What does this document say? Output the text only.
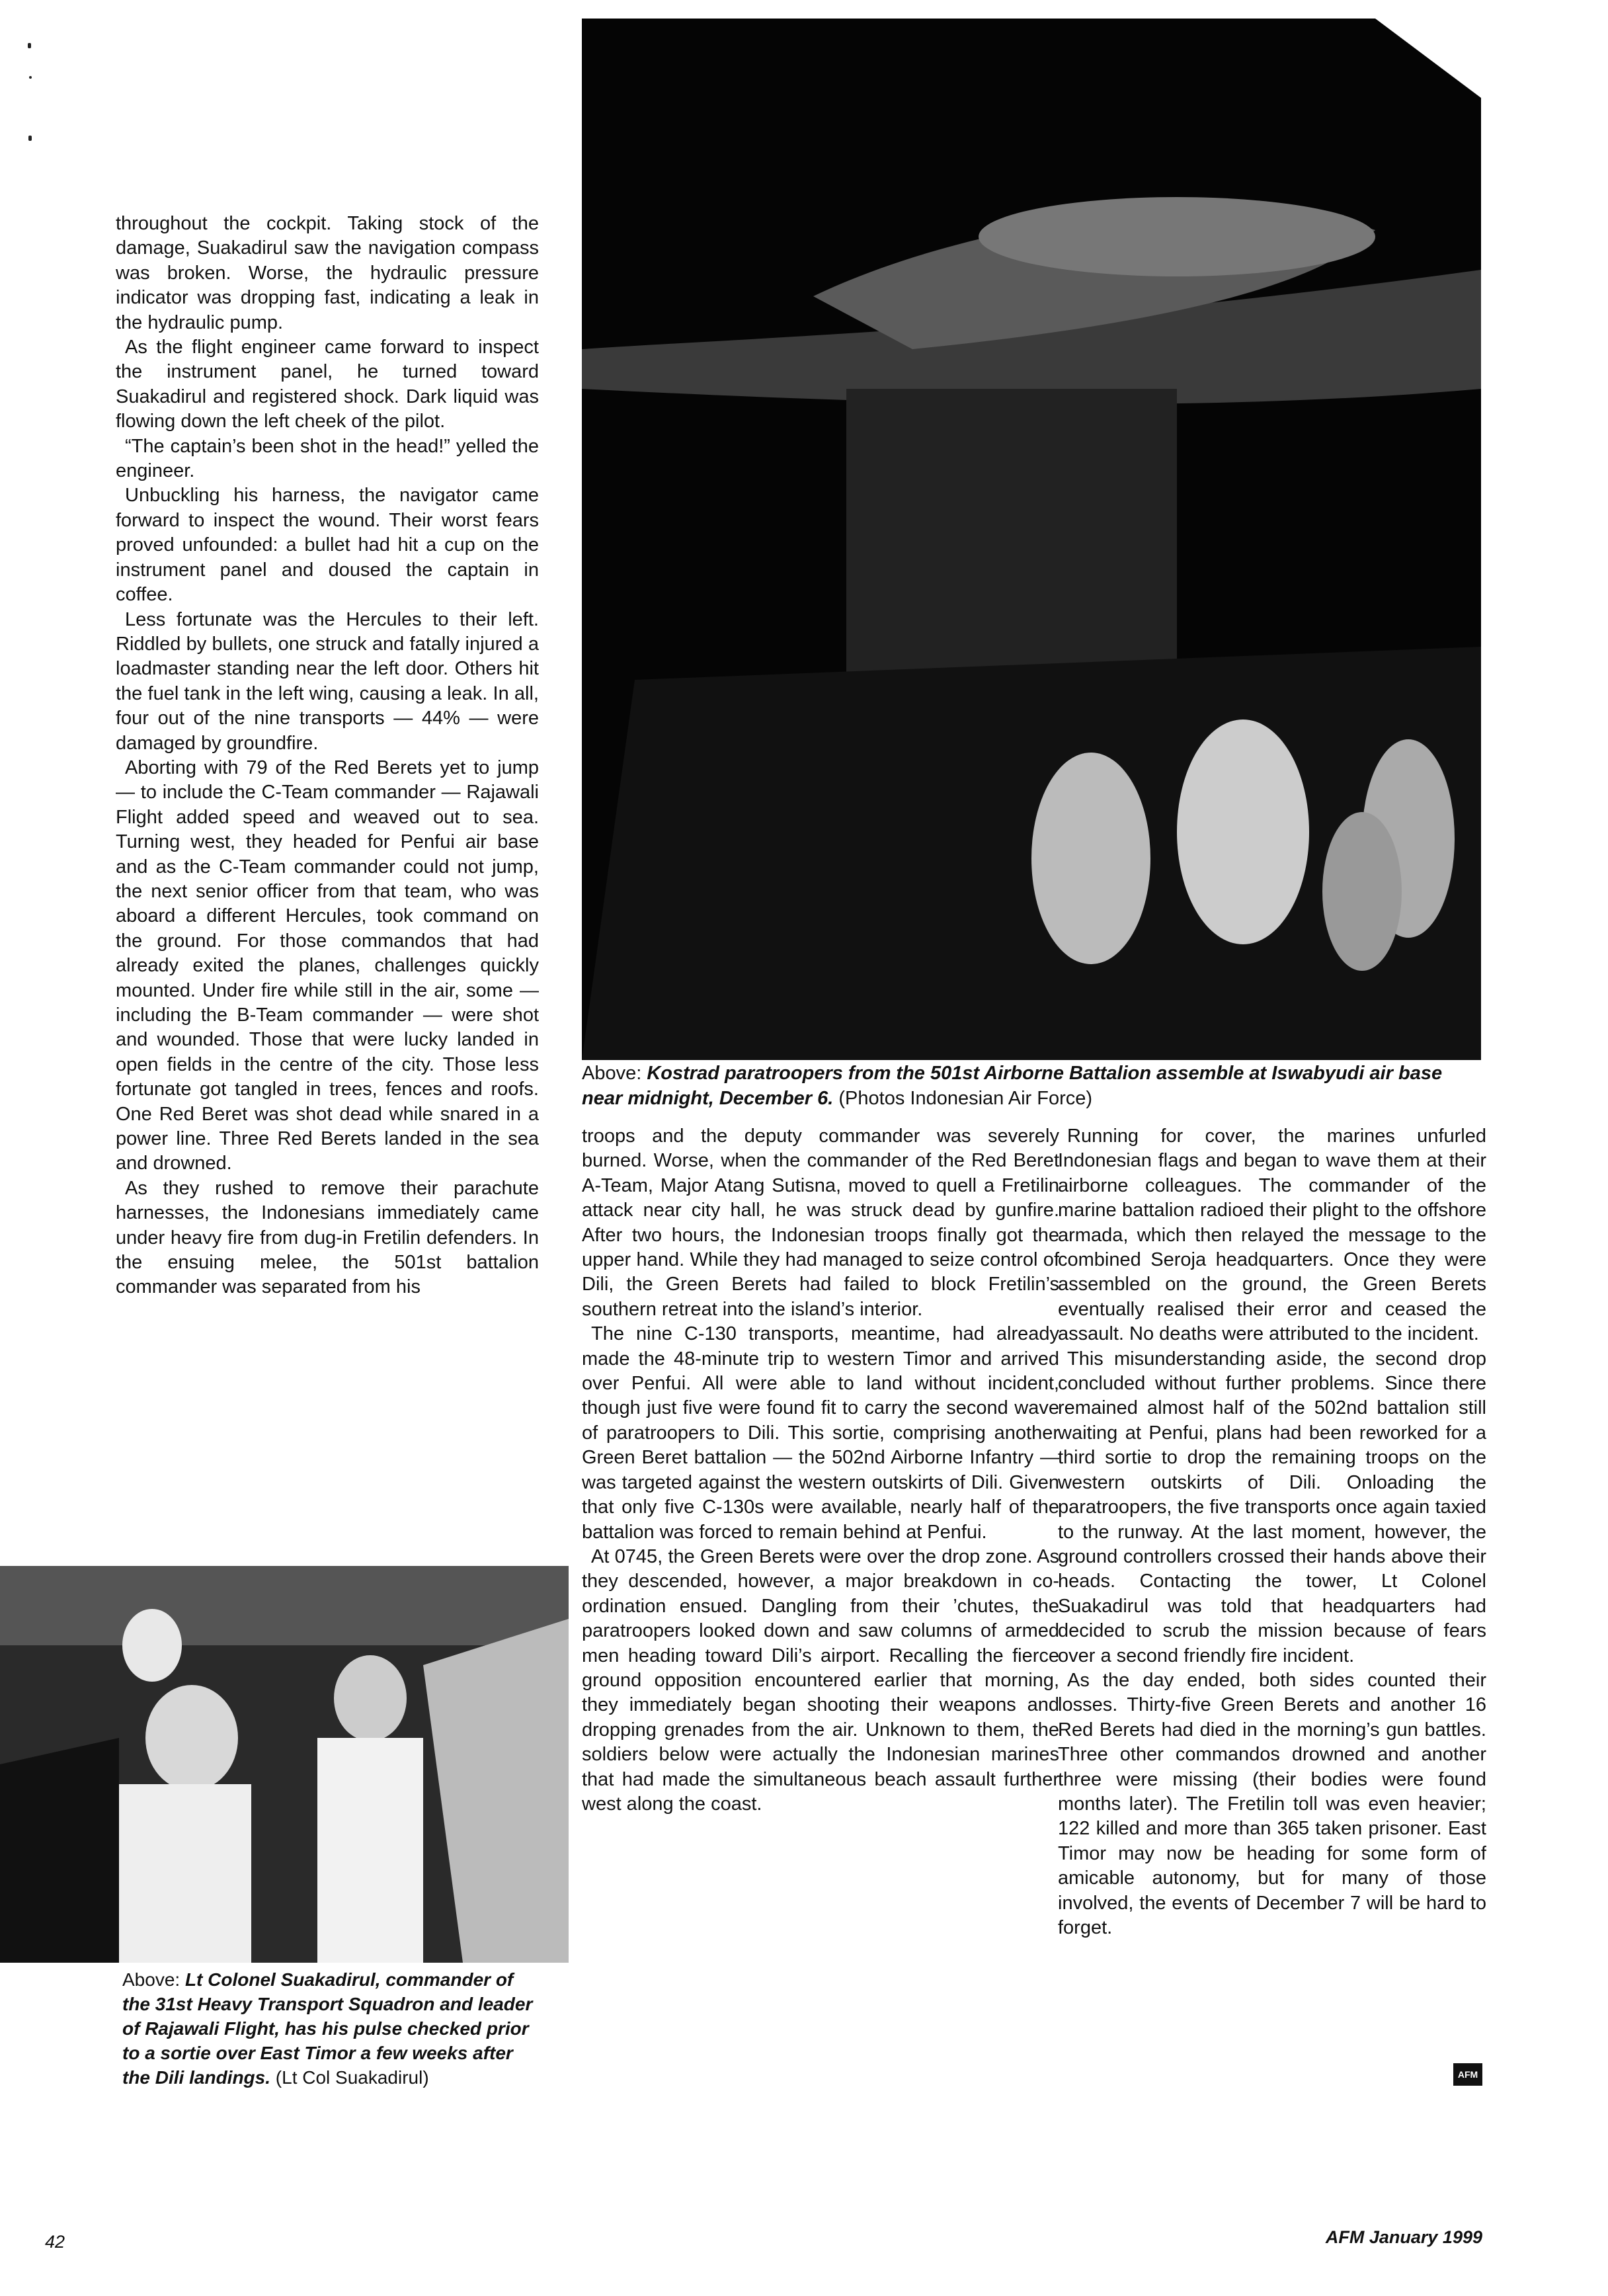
throughout the cockpit. Taking stock of the damage, Suakadirul saw the navigation compass was broken. Worse, the hydraulic pressure indicator was dropping fast, indicating a leak in the hydraulic pump.

As the flight engineer came forward to inspect the instrument panel, he turned toward Suakadirul and registered shock. Dark liquid was flowing down the left cheek of the pilot.

“The captain’s been shot in the head!” yelled the engineer.

Unbuckling his harness, the navigator came forward to inspect the wound. Their worst fears proved unfounded: a bullet had hit a cup on the instrument panel and doused the captain in coffee.

Less fortunate was the Hercules to their left. Riddled by bullets, one struck and fatally injured a loadmaster standing near the left door. Others hit the fuel tank in the left wing, causing a leak. In all, four out of the nine transports — 44% — were damaged by groundfire.

Aborting with 79 of the Red Berets yet to jump — to include the C-Team commander — Rajawali Flight added speed and weaved out to sea. Turning west, they headed for Penfui air base and as the C-Team commander could not jump, the next senior officer from that team, who was aboard a different Hercules, took command on the ground. For those commandos that had already exited the planes, challenges quickly mounted. Under fire while still in the air, some — including the B-Team commander — were shot and wounded. Those that were lucky landed in open fields in the centre of the city. Those less fortunate got tangled in trees, fences and roofs. One Red Beret was shot dead while snared in a power line. Three Red Berets landed in the sea and drowned.

As they rushed to remove their parachute harnesses, the Indonesians immediately came under heavy fire from dug-in Fretilin defenders. In the ensuing melee, the 501st battalion commander was separated from his

Above: Kostrad paratroopers from the 501st Airborne Battalion assemble at Iswabyudi air base near midnight, December 6. (Photos Indonesian Air Force)

troops and the deputy commander was severely burned. Worse, when the commander of the Red Beret A-Team, Major Atang Sutisna, moved to quell a Fretilin attack near city hall, he was struck dead by gunfire. After two hours, the Indonesian troops finally got the upper hand. While they had managed to seize control of Dili, the Green Berets had failed to block Fretilin’s southern retreat into the island’s interior.

The nine C-130 transports, meantime, had already made the 48-minute trip to western Timor and arrived over Penfui. All were able to land without incident, though just five were found fit to carry the second wave of paratroopers to Dili. This sortie, comprising another Green Beret battalion — the 502nd Airborne Infantry — was targeted against the western outskirts of Dili. Given that only five C-130s were available, nearly half of the battalion was forced to remain behind at Penfui.

At 0745, the Green Berets were over the drop zone. As they descended, however, a major breakdown in co-ordination ensued. Dangling from their ’chutes, the paratroopers looked down and saw columns of armed men heading toward Dili’s airport. Recalling the fierce ground opposition encountered earlier that morning, they immediately began shooting their weapons and dropping grenades from the air. Unknown to them, the soldiers below were actually the Indonesian marines that had made the simultaneous beach assault further west along the coast.

Running for cover, the marines unfurled Indonesian flags and began to wave them at their airborne colleagues. The commander of the marine battalion radioed their plight to the offshore armada, which then relayed the message to the combined Seroja headquarters. Once they were assembled on the ground, the Green Berets eventually realised their error and ceased the assault. No deaths were attributed to the incident.

This misunderstanding aside, the second drop concluded without further problems. Since there remained almost half of the 502nd battalion still waiting at Penfui, plans had been reworked for a third sortie to drop the remaining troops on the western outskirts of Dili. Onloading the paratroopers, the five transports once again taxied to the runway. At the last moment, however, the ground controllers crossed their hands above their heads. Contacting the tower, Lt Colonel Suakadirul was told that headquarters had decided to scrub the mission because of fears over a second friendly fire incident.

As the day ended, both sides counted their losses. Thirty-five Green Berets and another 16 Red Berets had died in the morning’s gun battles. Three other commandos drowned and another three were missing (their bodies were found months later). The Fretilin toll was even heavier; 122 killed and more than 365 taken prisoner. East Timor may now be heading for some form of amicable autonomy, but for many of those involved, the events of December 7 will be hard to forget.

Above: Lt Colonel Suakadirul, commander of the 31st Heavy Transport Squadron and leader of Rajawali Flight, has his pulse checked prior to a sortie over East Timor a few weeks after the Dili landings. (Lt Col Suakadirul)	AFM
42	AFM January 1999
